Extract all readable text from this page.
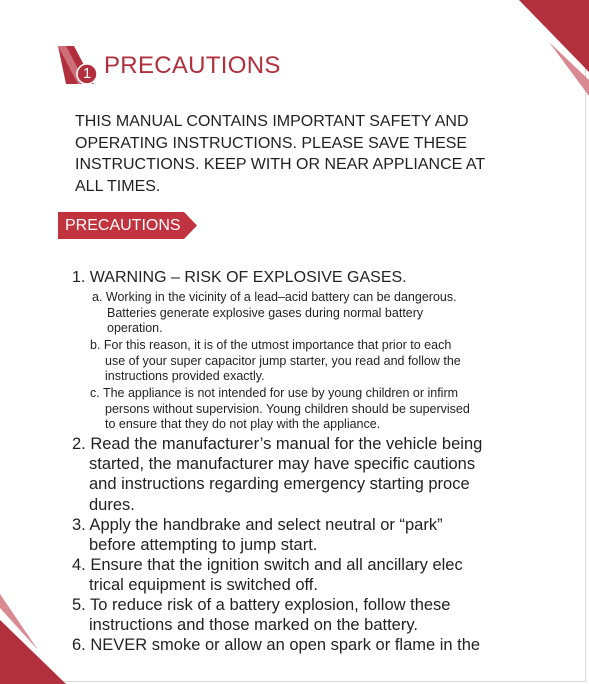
1 PRECAUTIONS

THIS MANUAL CONTAINS IMPORTANT SAFETY AND
OPERATING INSTRUCTIONS. PLEASE SAVE THESE
INSTRUCTIONS. KEEP WITH OR NEAR APPLIANCE AT
ALL TIMES.

PRECAUTIONS
1. WARNING – RISK OF EXPLOSIVE GASES.
a. Working in the vicinity of a lead–acid battery can be dangerous.
Batteries generate explosive gases during normal battery
operation.
b. For this reason, it is of the utmost importance that prior to each
use of your super capacitor jump starter, you read and follow the
instructions provided exactly.
c. The appliance is not intended for use by young children or infirm
persons without supervision. Young children should be supervised
to ensure that they do not play with the appliance.
2. Read the manufacturer’s manual for the vehicle being
started, the manufacturer may have specific cautions
and instructions regarding emergency starting proce
dures.
3. Apply the handbrake and select neutral or “park”
before attempting to jump start.
4. Ensure that the ignition switch and all ancillary elec
trical equipment is switched off.
5. To reduce risk of a battery explosion, follow these
instructions and those marked on the battery.
6. NEVER smoke or allow an open spark or flame in the
